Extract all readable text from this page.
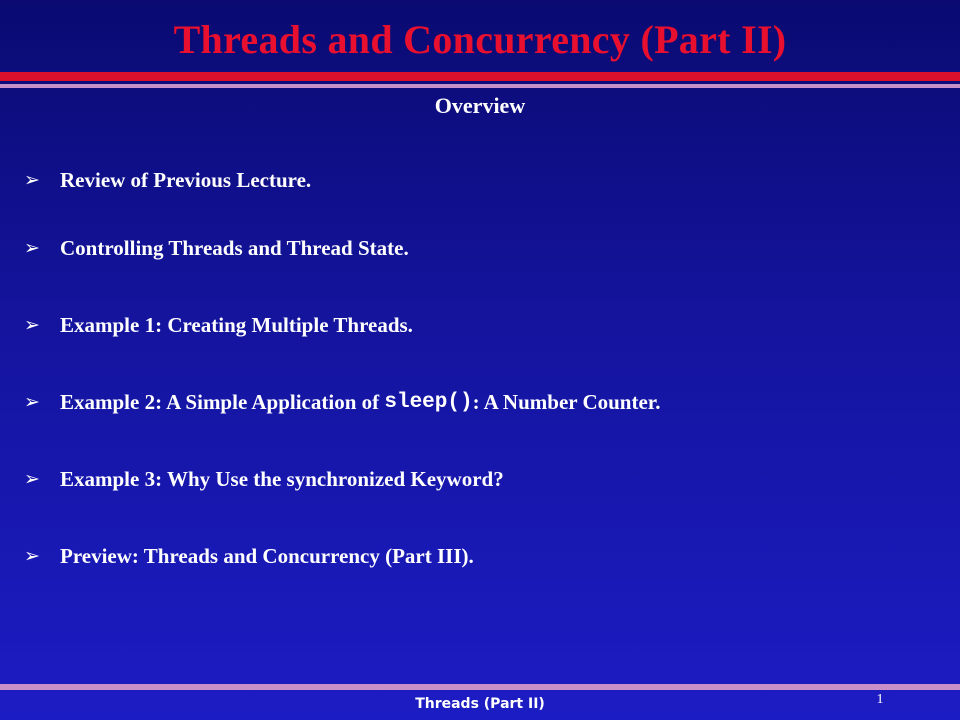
Threads and Concurrency (Part II)
Overview
➢ Review of Previous Lecture.
➢ Controlling Threads and Thread State.
➢ Example 1: Creating Multiple Threads.
➢ Example 2: A Simple Application of sleep() : A Number Counter.
➢ Example 3: Why Use the synchronized Keyword?
➢ Preview: Threads and Concurrency (Part III).
Threads (Part II)	1
